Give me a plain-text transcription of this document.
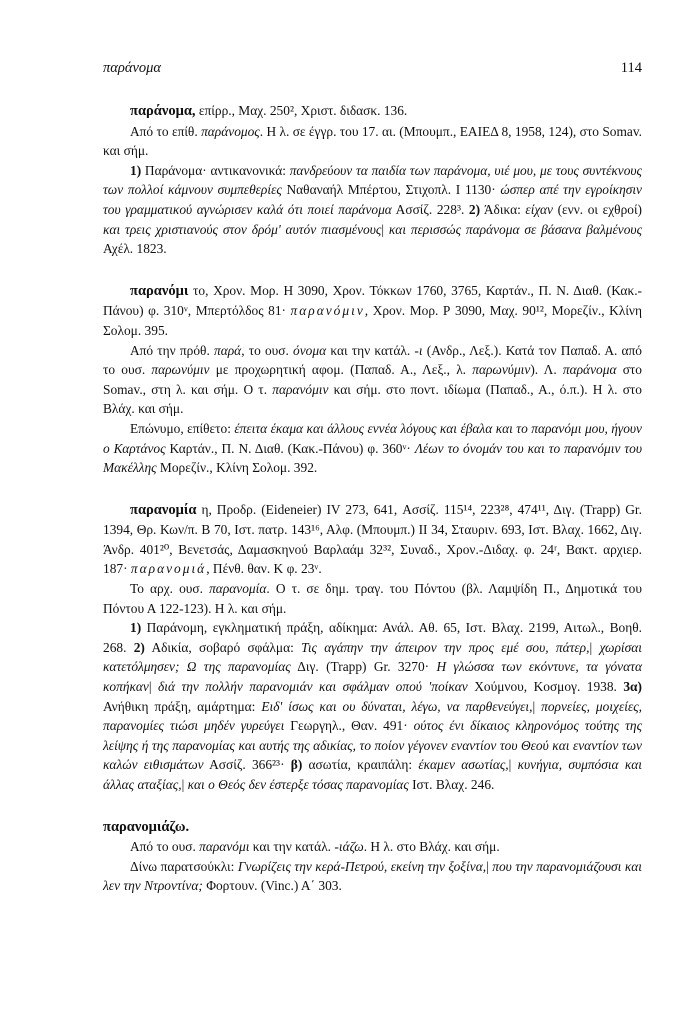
παράνομα	114

παράνομα, επίρρ., Μαχ. 250², Χριστ. διδασκ. 136.

Από το επίθ. παράνομος. Η λ. σε έγγρ. του 17. αι. (Μπουμπ., ΕΑΙΕΔ 8, 1958, 124), στο Somav. και σήμ.

1) Παράνομα· αντικανονικά: πανδρεύουν τα παιδία των παράνομα, υιέ μου, με τους συντέκνους των πολλοί κάμνουν συμπεθερίες Ναθαναήλ Μπέρτου, Στιχοπλ. I 1130· ώσπερ απέ την εγροίκησιν του γραμματικού αγνώρισεν καλά ότι ποιεί παράνομα Ασσίζ. 228³. 2) Άδικα: είχαν (ενν. οι εχθροί) και τρεις χριστιανούς στον δρόμ' αυτόν πιασμένους| και περισσώς παράνομα σε βάσανα βαλμένους Αχέλ. 1823.

παρανόμι το, Χρον. Μορ. Η 3090, Χρον. Τόκκων 1760, 3765, Καρτάν., Π. Ν. Διαθ. (Κακ.-Πάνου) φ. 310ᵛ, Μπερτόλδος 81· παρανόμιν, Χρον. Μορ. Ρ 3090, Μαχ. 90¹², Μορεζίν., Κλίνη Σολομ. 395.

Από την πρόθ. παρά, το ουσ. όνομα και την κατάλ. -ι (Ανδρ., Λεξ.). Κατά τον Παπαδ. Α. από το ουσ. παρωνύμιν με προχωρητική αφομ. (Παπαδ. Α., Λεξ., λ. παρωνύμιν). Λ. παράνομα στο Somav., στη λ. και σήμ. Ο τ. παρανόμιν και σήμ. στο ποντ. ιδίωμα (Παπαδ., Α., ό.π.). Η λ. στο Βλάχ. και σήμ.

Επώνυμο, επίθετο: έπειτα έκαμα και άλλους εννέα λόγους και έβαλα και το παρανόμι μου, ήγουν ο Καρτάνος Καρτάν., Π. Ν. Διαθ. (Κακ.-Πάνου) φ. 360ᵛ· Λέων το όνομάν του και το παρανόμιν του Μακέλλης Μορεζίν., Κλίνη Σολομ. 392.

παρανομία η, Προδρ. (Eideneier) IV 273, 641, Ασσίζ. 115¹⁴, 223²⁸, 474¹¹, Διγ. (Trapp) Gr. 1394, Θρ. Κων/π. Β 70, Ιστ. πατρ. 143¹⁶, Αλφ. (Μπουμπ.) II 34, Σταυριν. 693, Ιστ. Βλαχ. 1662, Διγ. Άνδρ. 401²⁰, Βενετσάς, Δαμασκηνού Βαρλαάμ 32³², Συναδ., Χρον.-Διδαχ. φ. 24ʳ, Βακτ. αρχιερ. 187· παρανομιά, Πένθ. θαν. Κ φ. 23ᵛ.

Το αρχ. ουσ. παρανομία. Ο τ. σε δημ. τραγ. του Πόντου (βλ. Λαμψίδη Π., Δημοτικά του Πόντου Α 122-123). Η λ. και σήμ.

1) Παράνομη, εγκληματική πράξη, αδίκημα: Ανάλ. Αθ. 65, Ιστ. Βλαχ. 2199, Αιτωλ., Βοηθ. 268. 2) Αδικία, σοβαρό σφάλμα: Τις αγάπην την άπειρον την προς εμέ σου, πάτερ,| χωρίσαι κατετόλμησεν; Ω της παρανομίας Διγ. (Trapp) Gr. 3270· Η γλώσσα των εκόντυνε, τα γόνατα κοπήκαν| διά την πολλήν παρανομιάν και σφάλμαν οπού 'ποίκαν Χούμνου, Κοσμογ. 1938. 3α) Ανήθικη πράξη, αμάρτημα: Ειδ' ίσως και ου δύναται, λέγω, να παρθενεύγει,| πορνείες, μοιχείες, παρανομίες τιώσι μηδέν γυρεύγει Γεωργηλ., Θαν. 491· ούτος ένι δίκαιος κληρονόμος τούτης της λείψης ή της παρανομίας και αυτής της αδικίας, το ποίον γέγονεν εναντίον του Θεού και εναντίον των καλών ειθισμάτων Ασσίζ. 366²³· β) ασωτία, κραιπάλη: έκαμεν ασωτίας,| κυνήγια, συμπόσια και άλλας αταξίας,| και ο Θεός δεν έστερξε τόσας παρανομίας Ιστ. Βλαχ. 246.

παρανομιάζω.

Από το ουσ. παρανόμι και την κατάλ. -ιάζω. Η λ. στο Βλάχ. και σήμ.

Δίνω παρατσούκλι: Γνωρίζεις την κερά-Πετρού, εκείνη την ξοξίνα,| που την παρανομιάζουσι και λεν την Ντροντίνα; Φορτουν. (Vinc.) Α΄ 303.
